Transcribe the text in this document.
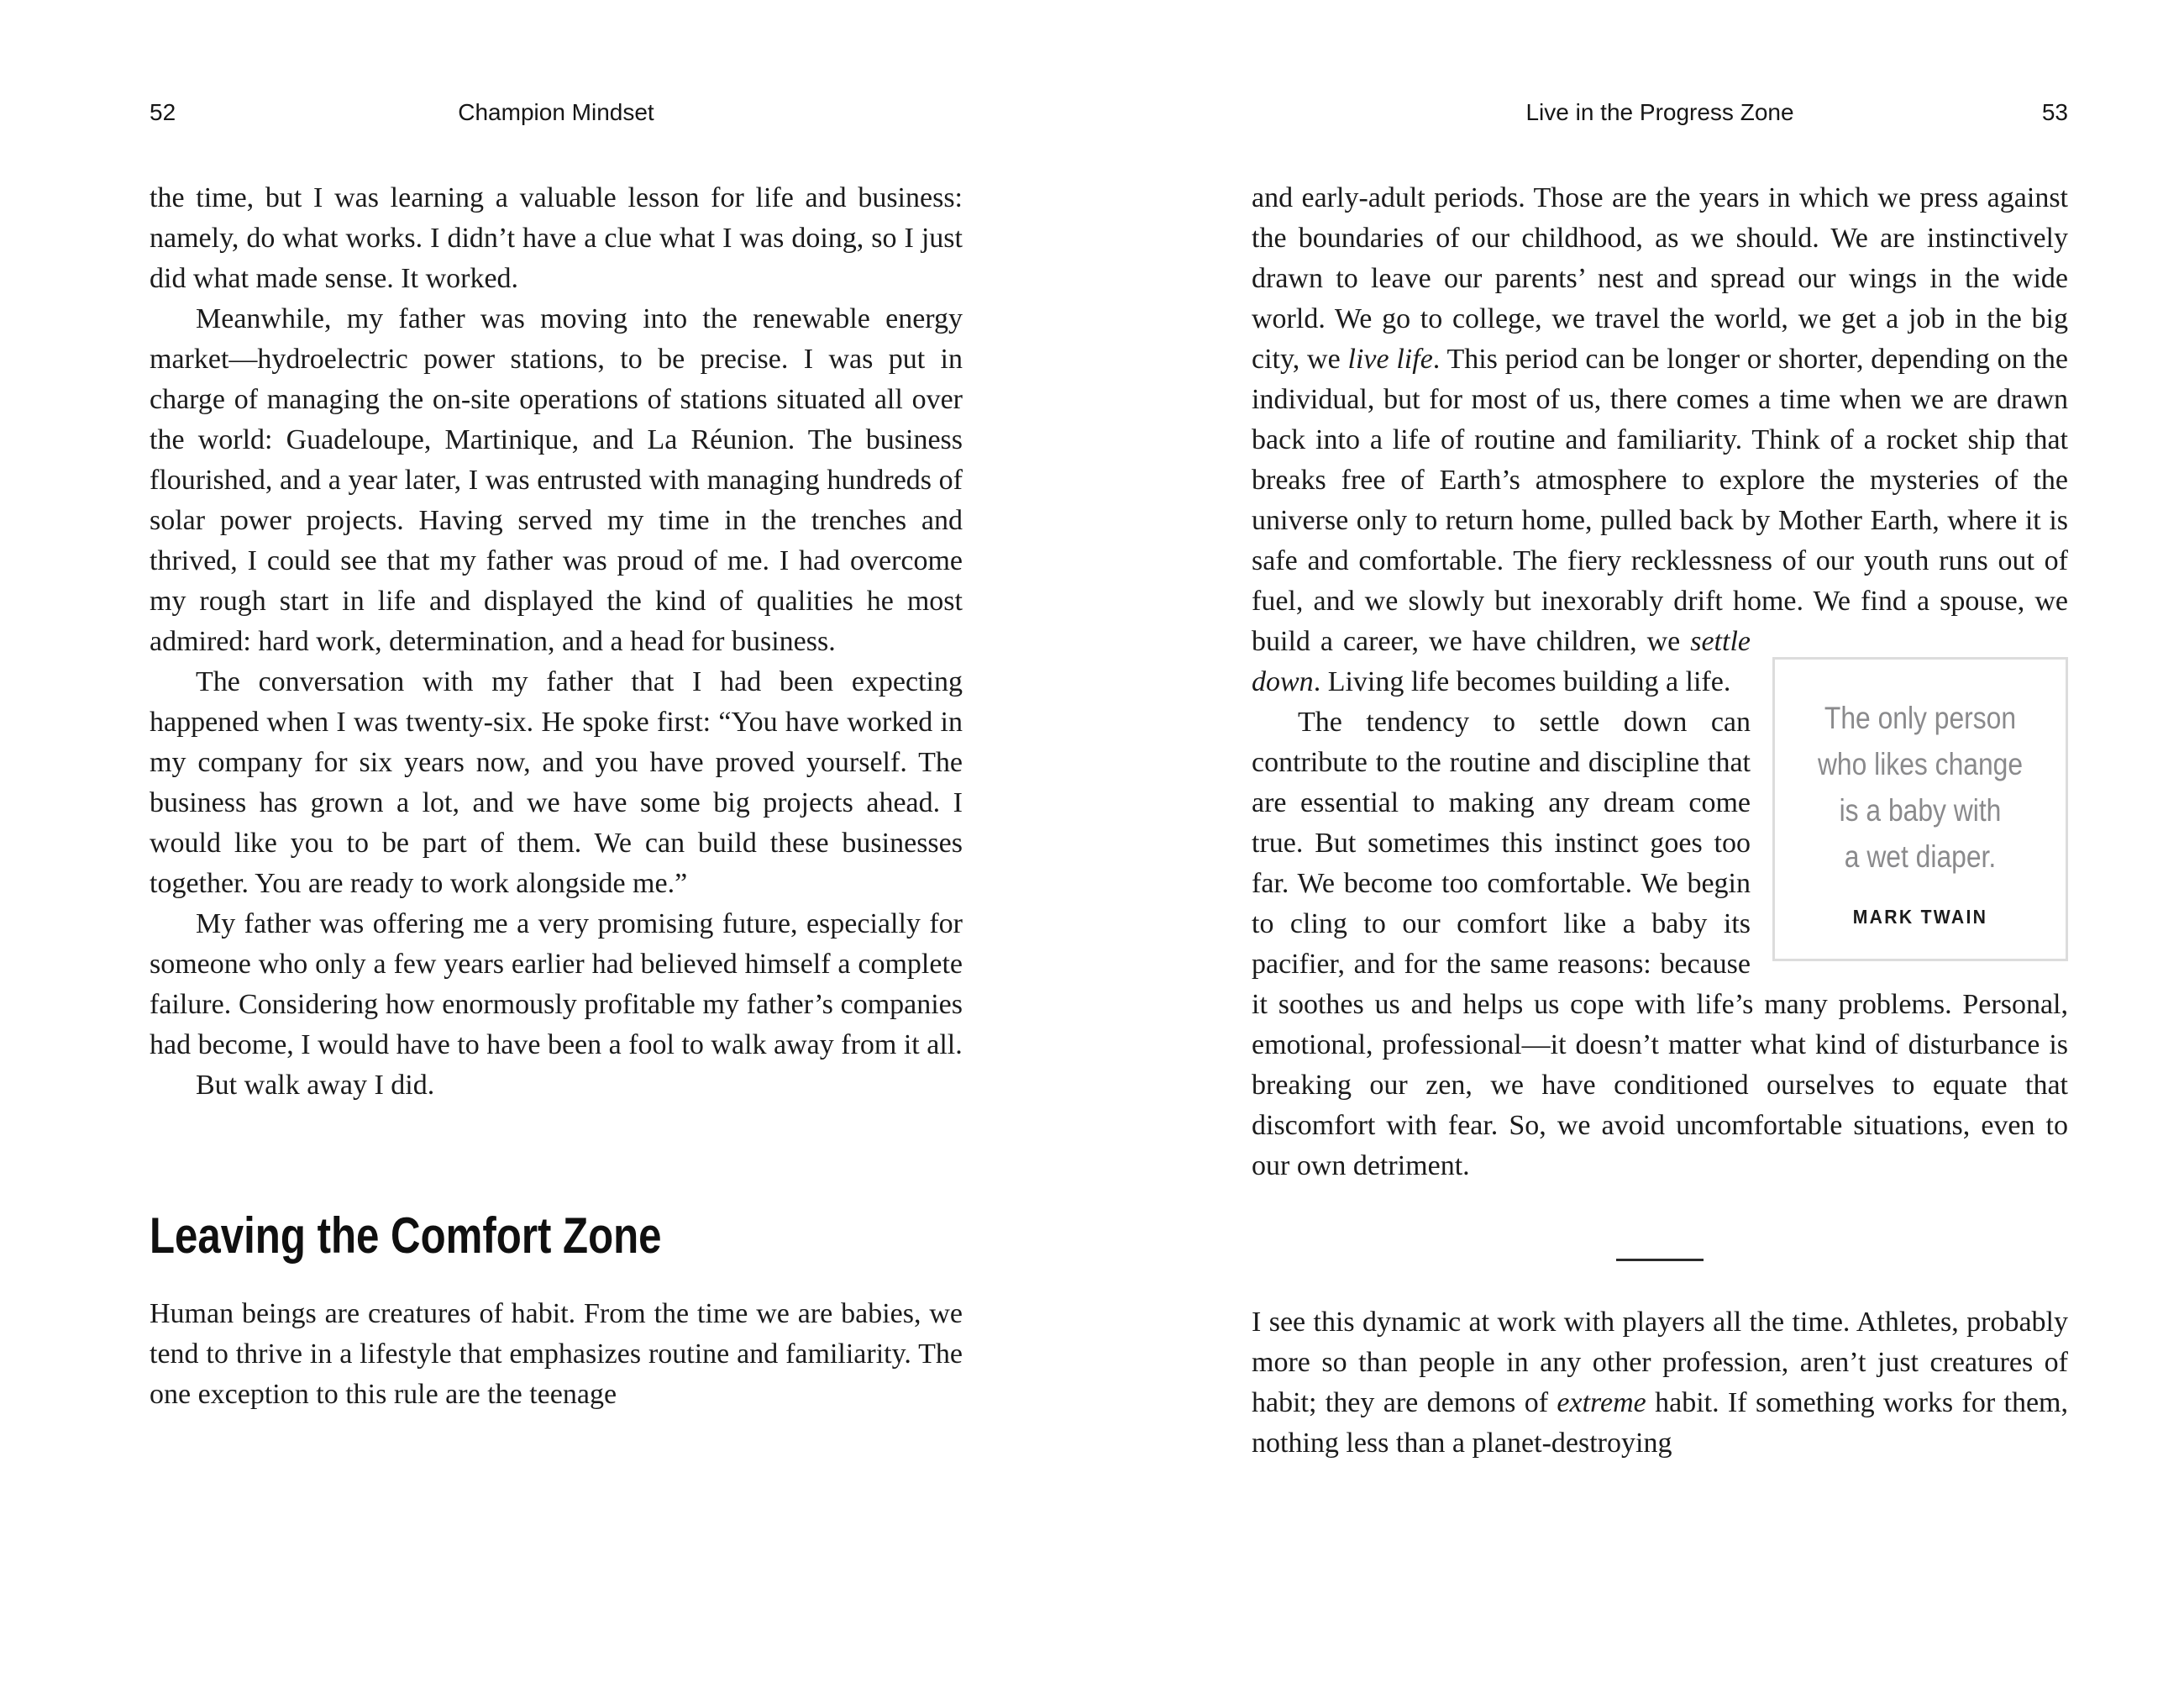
52	Champion Mindset	Live in the Progress Zone	53

the time, but I was learning a valuable lesson for life and business: namely, do what works. I didn’t have a clue what I was doing, so I just did what made sense. It worked.

Meanwhile, my father was moving into the renewable energy market—hydroelectric power stations, to be precise. I was put in charge of managing the on-site operations of stations situated all over the world: Guadeloupe, Martinique, and La Réunion. The business flourished, and a year later, I was entrusted with managing hundreds of solar power projects. Having served my time in the trenches and thrived, I could see that my father was proud of me. I had overcome my rough start in life and displayed the kind of qualities he most admired: hard work, determination, and a head for business.

The conversation with my father that I had been expecting happened when I was twenty-six. He spoke first: “You have worked in my company for six years now, and you have proved yourself. The business has grown a lot, and we have some big projects ahead. I would like you to be part of them. We can build these businesses together. You are ready to work alongside me.”

My father was offering me a very promising future, especially for someone who only a few years earlier had believed himself a complete failure. Considering how enormously profitable my father’s companies had become, I would have to have been a fool to walk away from it all.

But walk away I did.

Leaving the Comfort Zone

Human beings are creatures of habit. From the time we are babies, we tend to thrive in a lifestyle that emphasizes routine and familiarity. The one exception to this rule are the teenage

and early-adult periods. Those are the years in which we press against the boundaries of our childhood, as we should. We are instinctively drawn to leave our parents’ nest and spread our wings in the wide world. We go to college, we travel the world, we get a job in the big city, we live life. This period can be longer or shorter, depending on the individual, but for most of us, there comes a time when we are drawn back into a life of routine and familiarity. Think of a rocket ship that breaks free of Earth’s atmosphere to explore the mysteries of the universe only to return home, pulled back by Mother Earth, where it is safe and comfortable. The fiery recklessness of our youth runs out of fuel, and we slowly but inexorably drift home. We find a
The only person
who likes change
is a baby with
a wet diaper.
MARK TWAIN
spouse, we build a career, we have children, we settle down. Living life becomes building a life.

The tendency to settle down can contribute to the routine and discipline that are essential to making any dream come true. But sometimes this instinct goes too far. We become too comfortable. We begin to cling to our comfort like a baby its pacifier, and for the same reasons: because it soothes us and helps us cope with life’s many problems. Personal, emotional, professional—it doesn’t matter what kind of disturbance is breaking our zen, we have conditioned ourselves to equate that discomfort with fear. So, we avoid uncomfortable situations, even to our own detriment.

I see this dynamic at work with players all the time. Athletes, probably more so than people in any other profession, aren’t just creatures of habit; they are demons of extreme habit. If something works for them, nothing less than a planet-destroying
